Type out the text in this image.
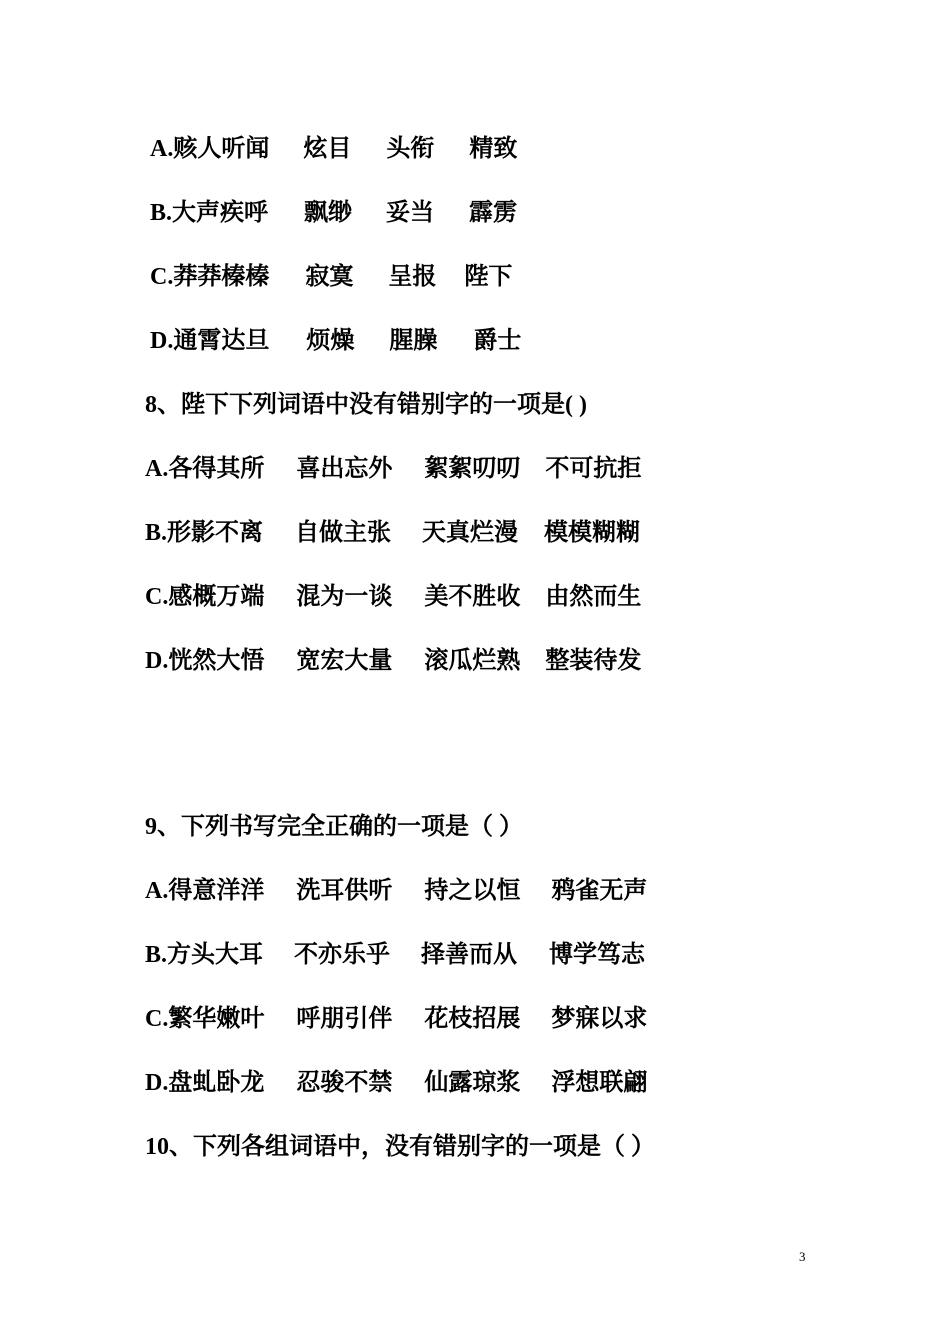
A.赅人听闻 炫目 头衔 精致
B.大声疾呼 飘缈 妥当 霹雳
C.莽莽榛榛 寂寞 呈报 陛下
D.通霄达旦 烦燥 腥臊 爵士
8、陛下下列词语中没有错别字的一项是( )
A.各得其所 喜出忘外 絮絮叨叨 不可抗拒
B.形影不离 自做主张 天真烂漫 模模糊糊
C.感概万端 混为一谈 美不胜收 由然而生
D.恍然大悟 宽宏大量 滚瓜烂熟 整装待发
9、下列书写完全正确的一项是（ ）
A.得意洋洋 洗耳供听 持之以恒 鸦雀无声
B.方头大耳 不亦乐乎 择善而从 博学笃志
C.繁华嫩叶 呼朋引伴 花枝招展 梦寐以求
D.盘虬卧龙 忍骏不禁 仙露琼浆 浮想联翩
10、下列各组词语中，没有错别字的一项是（ ）
3
